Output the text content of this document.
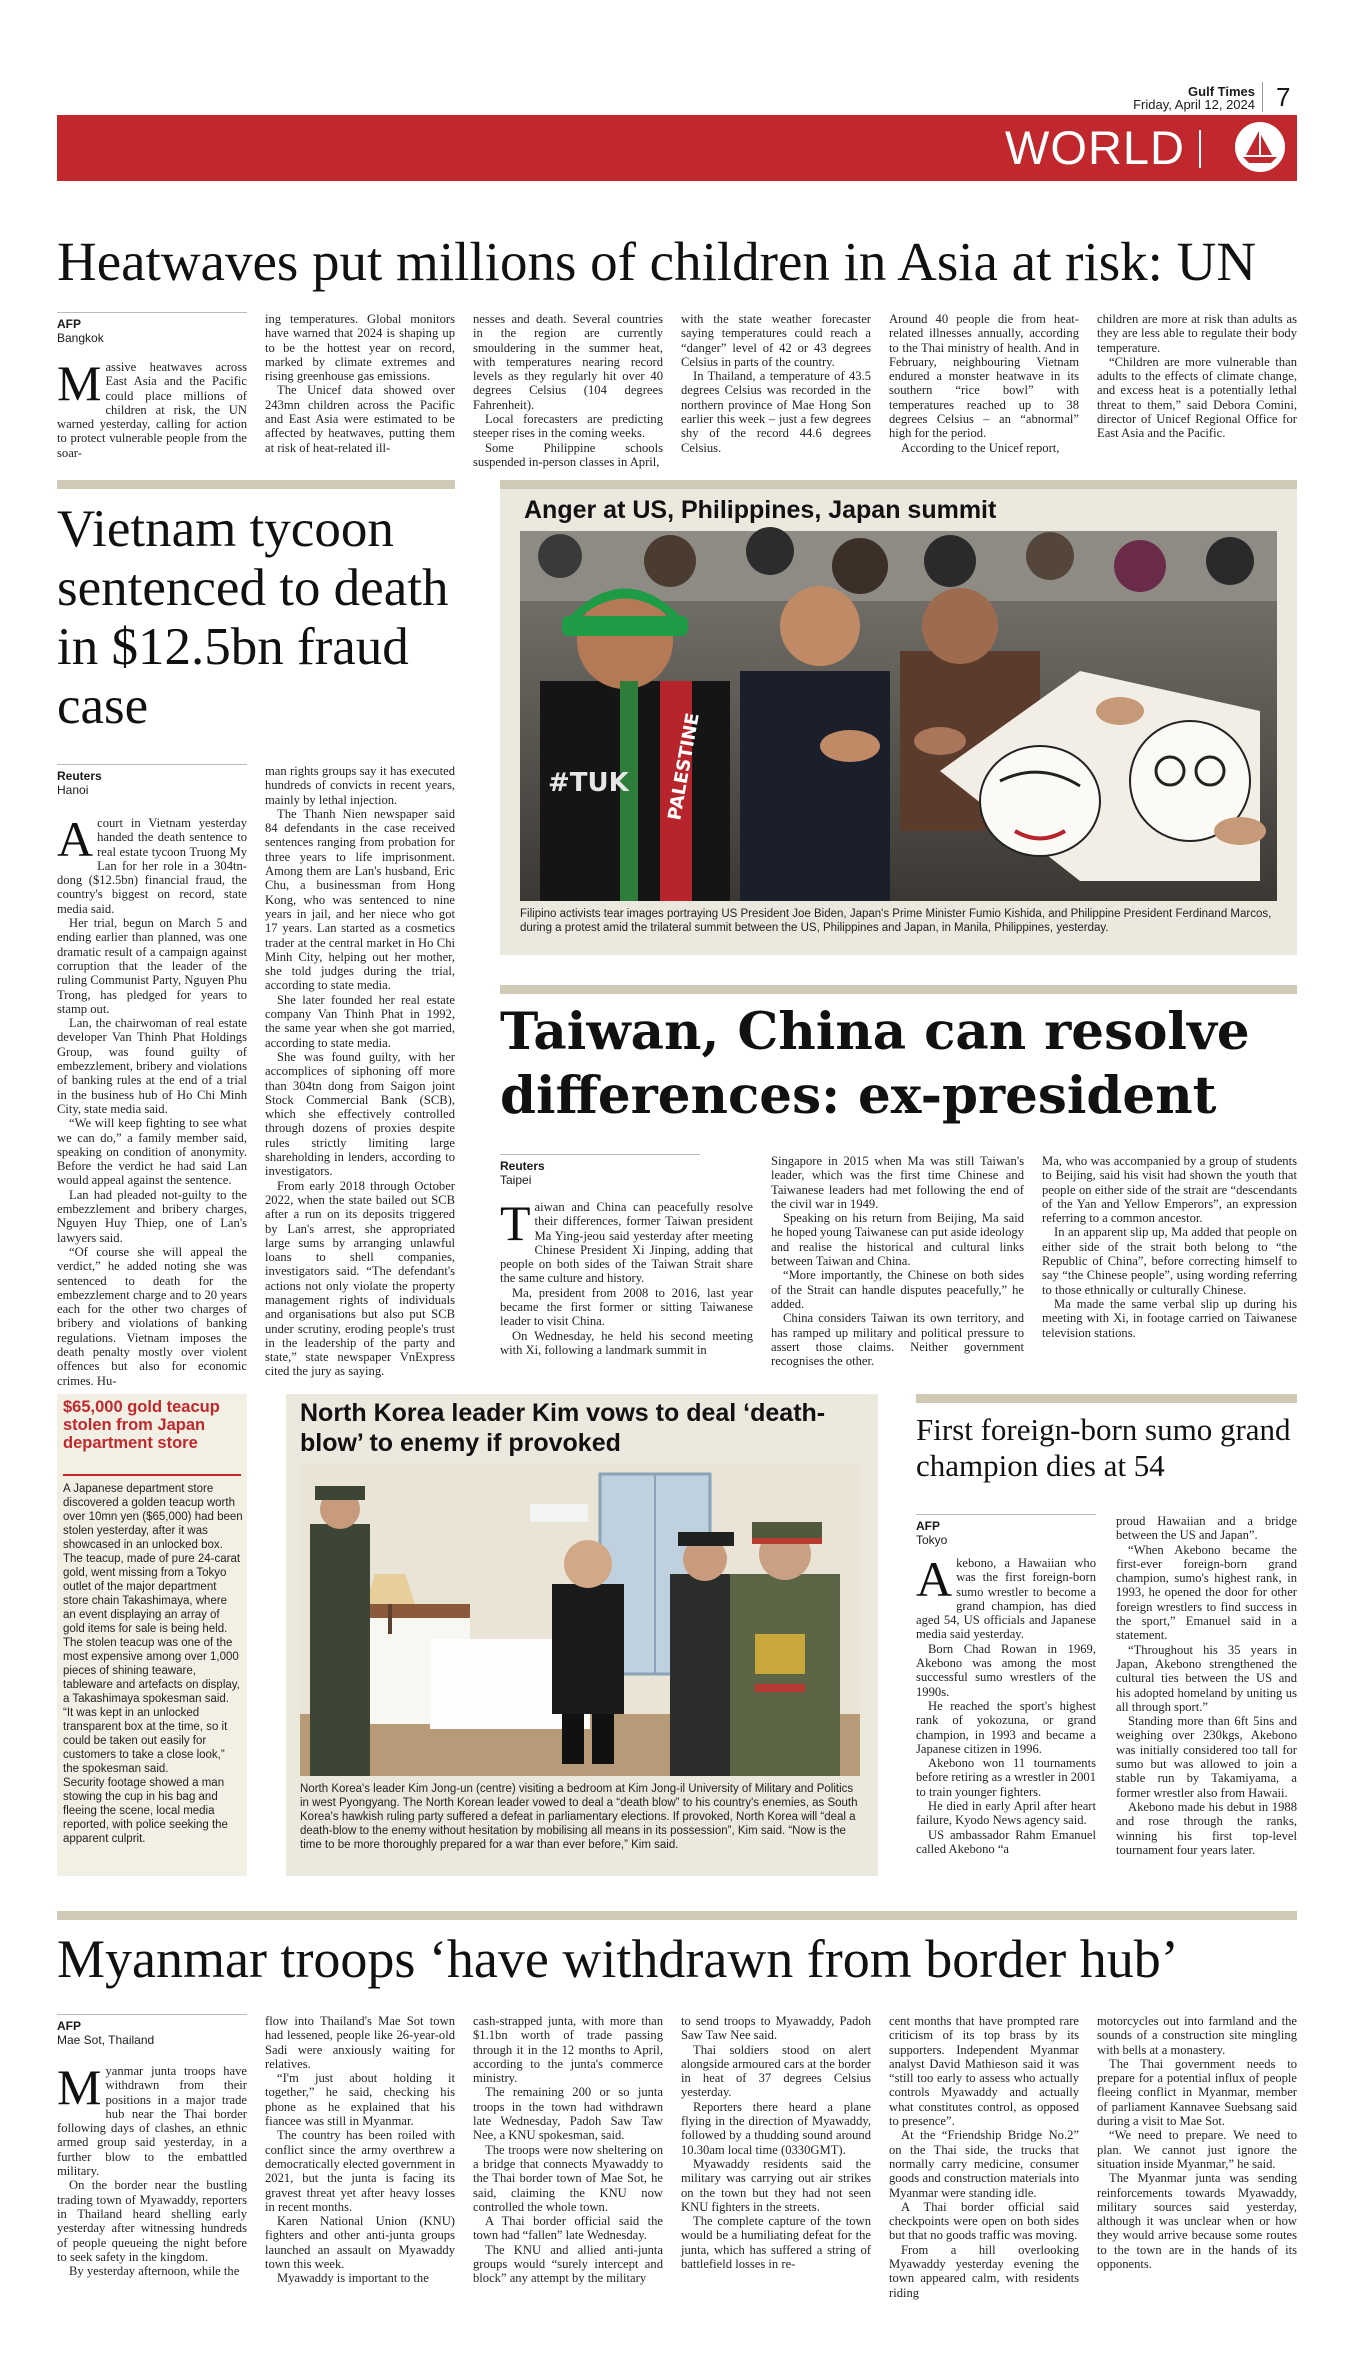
Gulf Times
Friday, April 12, 2024 7
WORLD
Heatwaves put millions of children in Asia at risk: UN
AFP
Bangkok
M assive heatwaves across East Asia and the Pacific could place millions of children at risk, the UN warned yesterday, calling for action to protect vulnerable people from the soar-

ing temperatures. Global monitors have warned that 2024 is shaping up to be the hottest year on record, marked by climate extremes and rising greenhouse gas emissions.

The Unicef data showed over 243mn children across the Pacific and East Asia were estimated to be affected by heatwaves, putting them at risk of heat-related ill-

nesses and death. Several countries in the region are currently smouldering in the summer heat, with temperatures nearing record levels as they regularly hit over 40 degrees Celsius (104 degrees Fahrenheit).

Local forecasters are predicting steeper rises in the coming weeks.

Some Philippine schools suspended in-person classes in April,

with the state weather forecaster saying temperatures could reach a “danger” level of 42 or 43 degrees Celsius in parts of the country.

In Thailand, a temperature of 43.5 degrees Celsius was recorded in the northern province of Mae Hong Son earlier this week – just a few degrees shy of the record 44.6 degrees Celsius.

Around 40 people die from heat-related illnesses annually, according to the Thai ministry of health. And in February, neighbouring Vietnam endured a monster heatwave in its southern “rice bowl” with temperatures reached up to 38 degrees Celsius – an “abnormal” high for the period.

According to the Unicef report,

children are more at risk than adults as they are less able to regulate their body temperature.

“Children are more vulnerable than adults to the effects of climate change, and excess heat is a potentially lethal threat to them,” said Debora Comini, director of Unicef Regional Office for East Asia and the Pacific.

Vietnam tycoon sentenced to death in $12.5bn fraud case
Reuters
Hanoi
A court in Vietnam yesterday handed the death sentence to real estate tycoon Truong My Lan for her role in a 304tn-dong ($12.5bn) financial fraud, the country's biggest on record, state media said.

Her trial, begun on March 5 and ending earlier than planned, was one dramatic result of a campaign against corruption that the leader of the ruling Communist Party, Nguyen Phu Trong, has pledged for years to stamp out.

Lan, the chairwoman of real estate developer Van Thinh Phat Holdings Group, was found guilty of embezzlement, bribery and violations of banking rules at the end of a trial in the business hub of Ho Chi Minh City, state media said.

“We will keep fighting to see what we can do,” a family member said, speaking on condition of anonymity. Before the verdict he had said Lan would appeal against the sentence.

Lan had pleaded not-guilty to the embezzlement and bribery charges, Nguyen Huy Thiep, one of Lan's lawyers said.

“Of course she will appeal the verdict,” he added noting she was sentenced to death for the embezzlement charge and to 20 years each for the other two charges of bribery and violations of banking regulations. Vietnam imposes the death penalty mostly over violent offences but also for economic crimes. Hu-

man rights groups say it has executed hundreds of convicts in recent years, mainly by lethal injection.

The Thanh Nien newspaper said 84 defendants in the case received sentences ranging from probation for three years to life imprisonment. Among them are Lan's husband, Eric Chu, a businessman from Hong Kong, who was sentenced to nine years in jail, and her niece who got 17 years. Lan started as a cosmetics trader at the central market in Ho Chi Minh City, helping out her mother, she told judges during the trial, according to state media.

She later founded her real estate company Van Thinh Phat in 1992, the same year when she got married, according to state media.

She was found guilty, with her accomplices of siphoning off more than 304tn dong from Saigon joint Stock Commercial Bank (SCB), which she effectively controlled through dozens of proxies despite rules strictly limiting large shareholding in lenders, according to investigators.

From early 2018 through October 2022, when the state bailed out SCB after a run on its deposits triggered by Lan's arrest, she appropriated large sums by arranging unlawful loans to shell companies, investigators said. “The defendant's actions not only violate the property management rights of individuals and organisations but also put SCB under scrutiny, eroding people's trust in the leadership of the party and state,” state newspaper VnExpress cited the jury as saying.

Anger at US, Philippines, Japan summit
PALESTINE
#TUK
Filipino activists tear images portraying US President Joe Biden, Japan's Prime Minister Fumio Kishida, and Philippine President Ferdinand Marcos, during a protest amid the trilateral summit between the US, Philippines and Japan, in Manila, Philippines, yesterday.
Taiwan, China can resolve differences: ex-president
Reuters
Taipei
T aiwan and China can peacefully resolve their differences, former Taiwan president Ma Ying-jeou said yesterday after meeting Chinese President Xi Jinping, adding that people on both sides of the Taiwan Strait share the same culture and history.

Ma, president from 2008 to 2016, last year became the first former or sitting Taiwanese leader to visit China.

On Wednesday, he held his second meeting with Xi, following a landmark summit in

Singapore in 2015 when Ma was still Taiwan's leader, which was the first time Chinese and Taiwanese leaders had met following the end of the civil war in 1949.

Speaking on his return from Beijing, Ma said he hoped young Taiwanese can put aside ideology and realise the historical and cultural links between Taiwan and China.

“More importantly, the Chinese on both sides of the Strait can handle disputes peacefully,” he added.

China considers Taiwan its own territory, and has ramped up military and political pressure to assert those claims. Neither government recognises the other.

Ma, who was accompanied by a group of students to Beijing, said his visit had shown the youth that people on either side of the strait are “descendants of the Yan and Yellow Emperors”, an expression referring to a common ancestor.

In an apparent slip up, Ma added that people on either side of the strait both belong to “the Republic of China”, before correcting himself to say “the Chinese people”, using wording referring to those ethnically or culturally Chinese.

Ma made the same verbal slip up during his meeting with Xi, in footage carried on Taiwanese television stations.

$65,000 gold teacup stolen from Japan department store

A Japanese department store discovered a golden teacup worth over 10mn yen ($65,000) had been stolen yesterday, after it was showcased in an unlocked box.

The teacup, made of pure 24-carat gold, went missing from a Tokyo outlet of the major department store chain Takashimaya, where an event displaying an array of gold items for sale is being held.

The stolen teacup was one of the most expensive among over 1,000 pieces of shining teaware, tableware and artefacts on display, a Takashimaya spokesman said.

“It was kept in an unlocked transparent box at the time, so it could be taken out easily for customers to take a close look,” the spokesman said.

Security footage showed a man stowing the cup in his bag and fleeing the scene, local media reported, with police seeking the apparent culprit.

North Korea leader Kim vows to deal ‘death-blow’ to enemy if provoked
North Korea's leader Kim Jong-un (centre) visiting a bedroom at Kim Jong-il University of Military and Politics in west Pyongyang. The North Korean leader vowed to deal a “death blow” to his country's enemies, as South Korea's hawkish ruling party suffered a defeat in parliamentary elections. If provoked, North Korea will “deal a death-blow to the enemy without hesitation by mobilising all means in its possession”, Kim said. “Now is the time to be more thoroughly prepared for a war than ever before,” Kim said.
First foreign-born sumo grand champion dies at 54
AFP
Tokyo
A kebono, a Hawaiian who was the first foreign-born sumo wrestler to become a grand champion, has died aged 54, US officials and Japanese media said yesterday.

Born Chad Rowan in 1969, Akebono was among the most successful sumo wrestlers of the 1990s.

He reached the sport's highest rank of yokozuna, or grand champion, in 1993 and became a Japanese citizen in 1996.

Akebono won 11 tournaments before retiring as a wrestler in 2001 to train younger fighters.

He died in early April after heart failure, Kyodo News agency said.

US ambassador Rahm Emanuel called Akebono “a

proud Hawaiian and a bridge between the US and Japan”.

“When Akebono became the first-ever foreign-born grand champion, sumo's highest rank, in 1993, he opened the door for other foreign wrestlers to find success in the sport,” Emanuel said in a statement.

“Throughout his 35 years in Japan, Akebono strengthened the cultural ties between the US and his adopted homeland by uniting us all through sport.”

Standing more than 6ft 5ins and weighing over 230kgs, Akebono was initially considered too tall for sumo but was allowed to join a stable run by Takamiyama, a former wrestler also from Hawaii.

Akebono made his debut in 1988 and rose through the ranks, winning his first top-level tournament four years later.

Myanmar troops ‘have withdrawn from border hub’
AFP
Mae Sot, Thailand
M yanmar junta troops have withdrawn from their positions in a major trade hub near the Thai border following days of clashes, an ethnic armed group said yesterday, in a further blow to the embattled military.

On the border near the bustling trading town of Myawaddy, reporters in Thailand heard shelling early yesterday after witnessing hundreds of people queueing the night before to seek safety in the kingdom.

By yesterday afternoon, while the

flow into Thailand's Mae Sot town had lessened, people like 26-year-old Sadi were anxiously waiting for relatives.

“I'm just about holding it together,” he said, checking his phone as he explained that his fiancee was still in Myanmar.

The country has been roiled with conflict since the army overthrew a democratically elected government in 2021, but the junta is facing its gravest threat yet after heavy losses in recent months.

Karen National Union (KNU) fighters and other anti-junta groups launched an assault on Myawaddy town this week.

Myawaddy is important to the

cash-strapped junta, with more than $1.1bn worth of trade passing through it in the 12 months to April, according to the junta's commerce ministry.

The remaining 200 or so junta troops in the town had withdrawn late Wednesday, Padoh Saw Taw Nee, a KNU spokesman, said.

The troops were now sheltering on a bridge that connects Myawaddy to the Thai border town of Mae Sot, he said, claiming the KNU now controlled the whole town.

A Thai border official said the town had “fallen” late Wednesday.

The KNU and allied anti-junta groups would “surely intercept and block” any attempt by the military

to send troops to Myawaddy, Padoh Saw Taw Nee said.

Thai soldiers stood on alert alongside armoured cars at the border in heat of 37 degrees Celsius yesterday.

Reporters there heard a plane flying in the direction of Myawaddy, followed by a thudding sound around 10.30am local time (0330GMT).

Myawaddy residents said the military was carrying out air strikes on the town but they had not seen KNU fighters in the streets.

The complete capture of the town would be a humiliating defeat for the junta, which has suffered a string of battlefield losses in re-

cent months that have prompted rare criticism of its top brass by its supporters. Independent Myanmar analyst David Mathieson said it was “still too early to assess who actually controls Myawaddy and actually what constitutes control, as opposed to presence”.

At the “Friendship Bridge No.2” on the Thai side, the trucks that normally carry medicine, consumer goods and construction materials into Myanmar were standing idle.

A Thai border official said checkpoints were open on both sides but that no goods traffic was moving.

From a hill overlooking Myawaddy yesterday evening the town appeared calm, with residents riding

motorcycles out into farmland and the sounds of a construction site mingling with bells at a monastery.

The Thai government needs to prepare for a potential influx of people fleeing conflict in Myanmar, member of parliament Kannavee Suebsang said during a visit to Mae Sot.

“We need to prepare. We need to plan. We cannot just ignore the situation inside Myanmar,” he said.

The Myanmar junta was sending reinforcements towards Myawaddy, military sources said yesterday, although it was unclear when or how they would arrive because some routes to the town are in the hands of its opponents.
